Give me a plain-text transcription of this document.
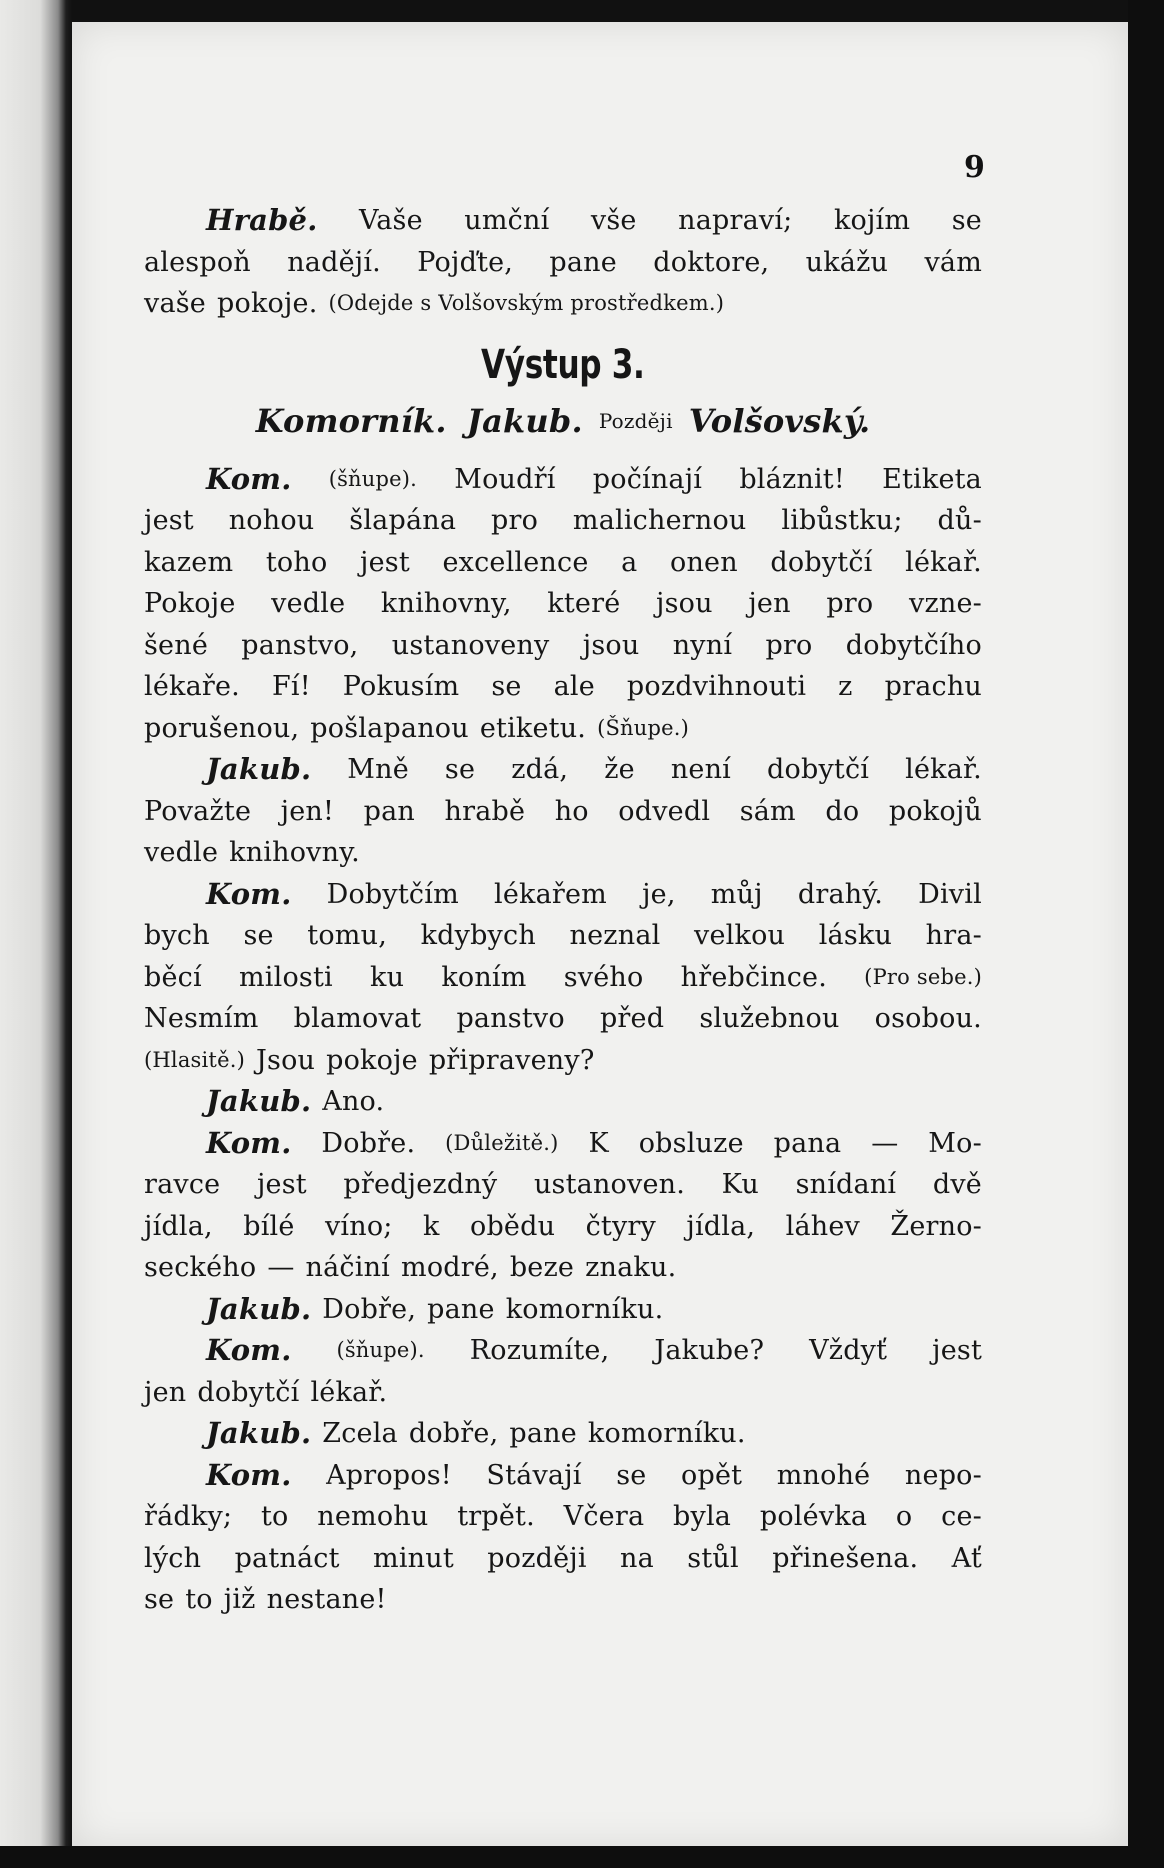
9
Hrabě. Vaše umční vše napraví; kojím se
alespoň nadějí. Pojďte, pane doktore, ukážu vám
vaše pokoje. (Odejde s Volšovským prostředkem.)
Výstup 3.
Komorník. Jakub. Později Volšovský.
Kom. (šňupe). Moudří počínají bláznit! Etiketa
jest nohou šlapána pro malichernou libůstku; dů-
kazem toho jest excellence a onen dobytčí lékař.
Pokoje vedle knihovny, které jsou jen pro vzne-
šené panstvo, ustanoveny jsou nyní pro dobytčího
lékaře. Fí! Pokusím se ale pozdvihnouti z prachu
porušenou, pošlapanou etiketu. (Šňupe.)
Jakub. Mně se zdá, že není dobytčí lékař.
Považte jen! pan hrabě ho odvedl sám do pokojů
vedle knihovny.
Kom. Dobytčím lékařem je, můj drahý. Divil
bych se tomu, kdybych neznal velkou lásku hra-
běcí milosti ku koním svého hřebčince. (Pro sebe.)
Nesmím blamovat panstvo před služebnou osobou.
(Hlasitě.) Jsou pokoje připraveny?
Jakub. Ano.
Kom. Dobře. (Důležitě.) K obsluze pana — Mo-
ravce jest předjezdný ustanoven. Ku snídaní dvě
jídla, bílé víno; k obědu čtyry jídla, láhev Žerno-
seckého — náčiní modré, beze znaku.
Jakub. Dobře, pane komorníku.
Kom. (šňupe). Rozumíte, Jakube? Vždyť jest
jen dobytčí lékař.
Jakub. Zcela dobře, pane komorníku.
Kom. Apropos! Stávají se opět mnohé nepo-
řádky; to nemohu trpět. Včera byla polévka o ce-
lých patnáct minut později na stůl přinešena. Ať
se to již nestane!
